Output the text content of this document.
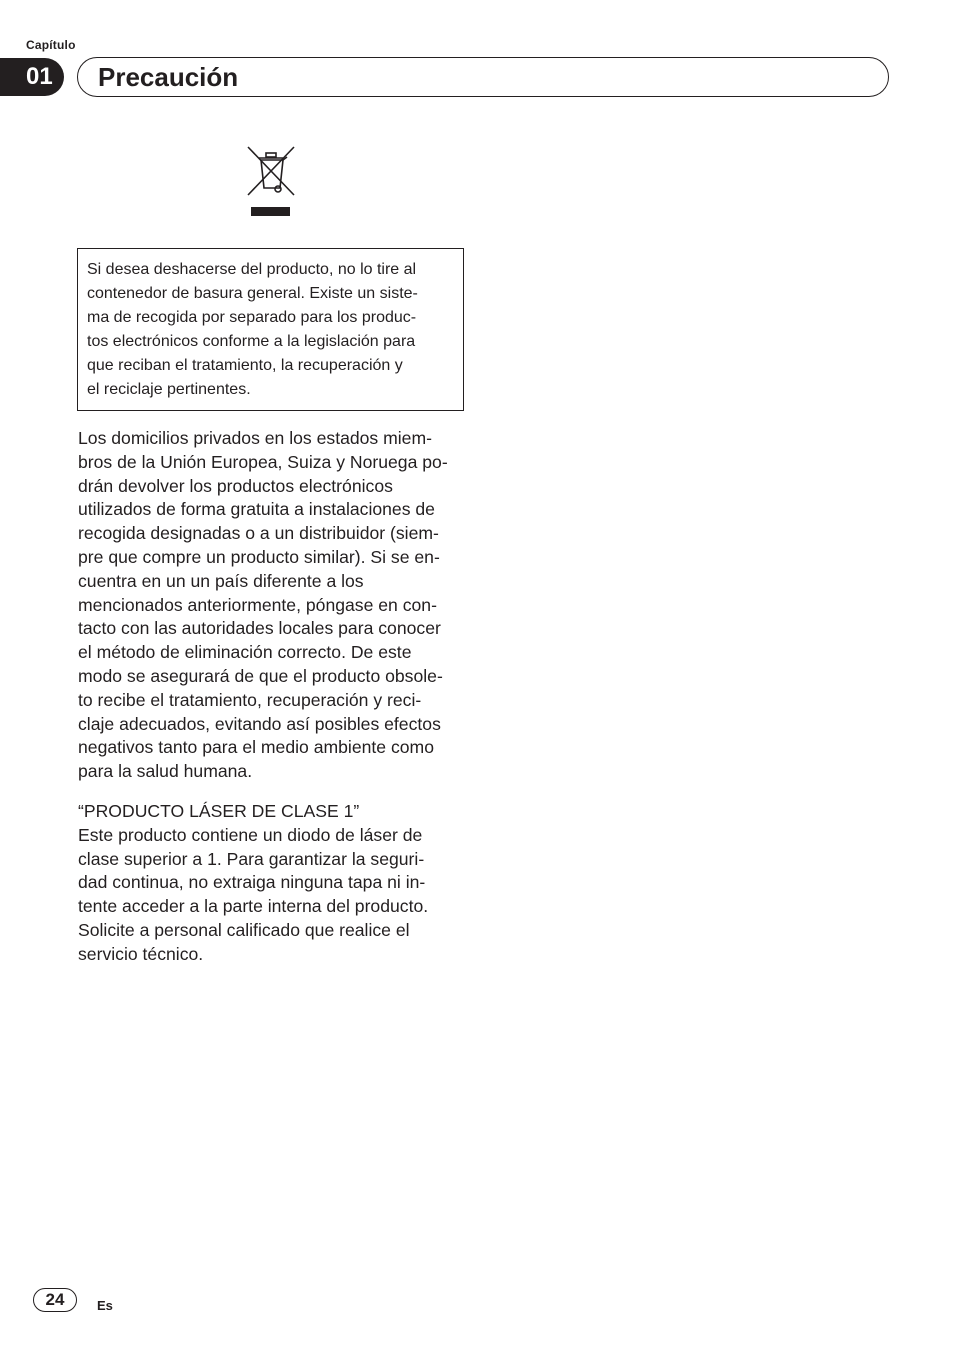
Capítulo
01	Precaución
Si desea deshacerse del producto, no lo tire al
contenedor de basura general. Existe un siste-
ma de recogida por separado para los produc-
tos electrónicos conforme a la legislación para
que reciban el tratamiento, la recuperación y
el reciclaje pertinentes.
Los domicilios privados en los estados miem-
bros de la Unión Europea, Suiza y Noruega po-
drán devolver los productos electrónicos
utilizados de forma gratuita a instalaciones de
recogida designadas o a un distribuidor (siem-
pre que compre un producto similar). Si se en-
cuentra en un un país diferente a los
mencionados anteriormente, póngase en con-
tacto con las autoridades locales para conocer
el método de eliminación correcto. De este
modo se asegurará de que el producto obsole-
to recibe el tratamiento, recuperación y reci-
claje adecuados, evitando así posibles efectos
negativos tanto para el medio ambiente como
para la salud humana.
“PRODUCTO LÁSER DE CLASE 1”
Este producto contiene un diodo de láser de
clase superior a 1. Para garantizar la seguri-
dad continua, no extraiga ninguna tapa ni in-
tente acceder a la parte interna del producto.
Solicite a personal calificado que realice el
servicio técnico.
24	Es
